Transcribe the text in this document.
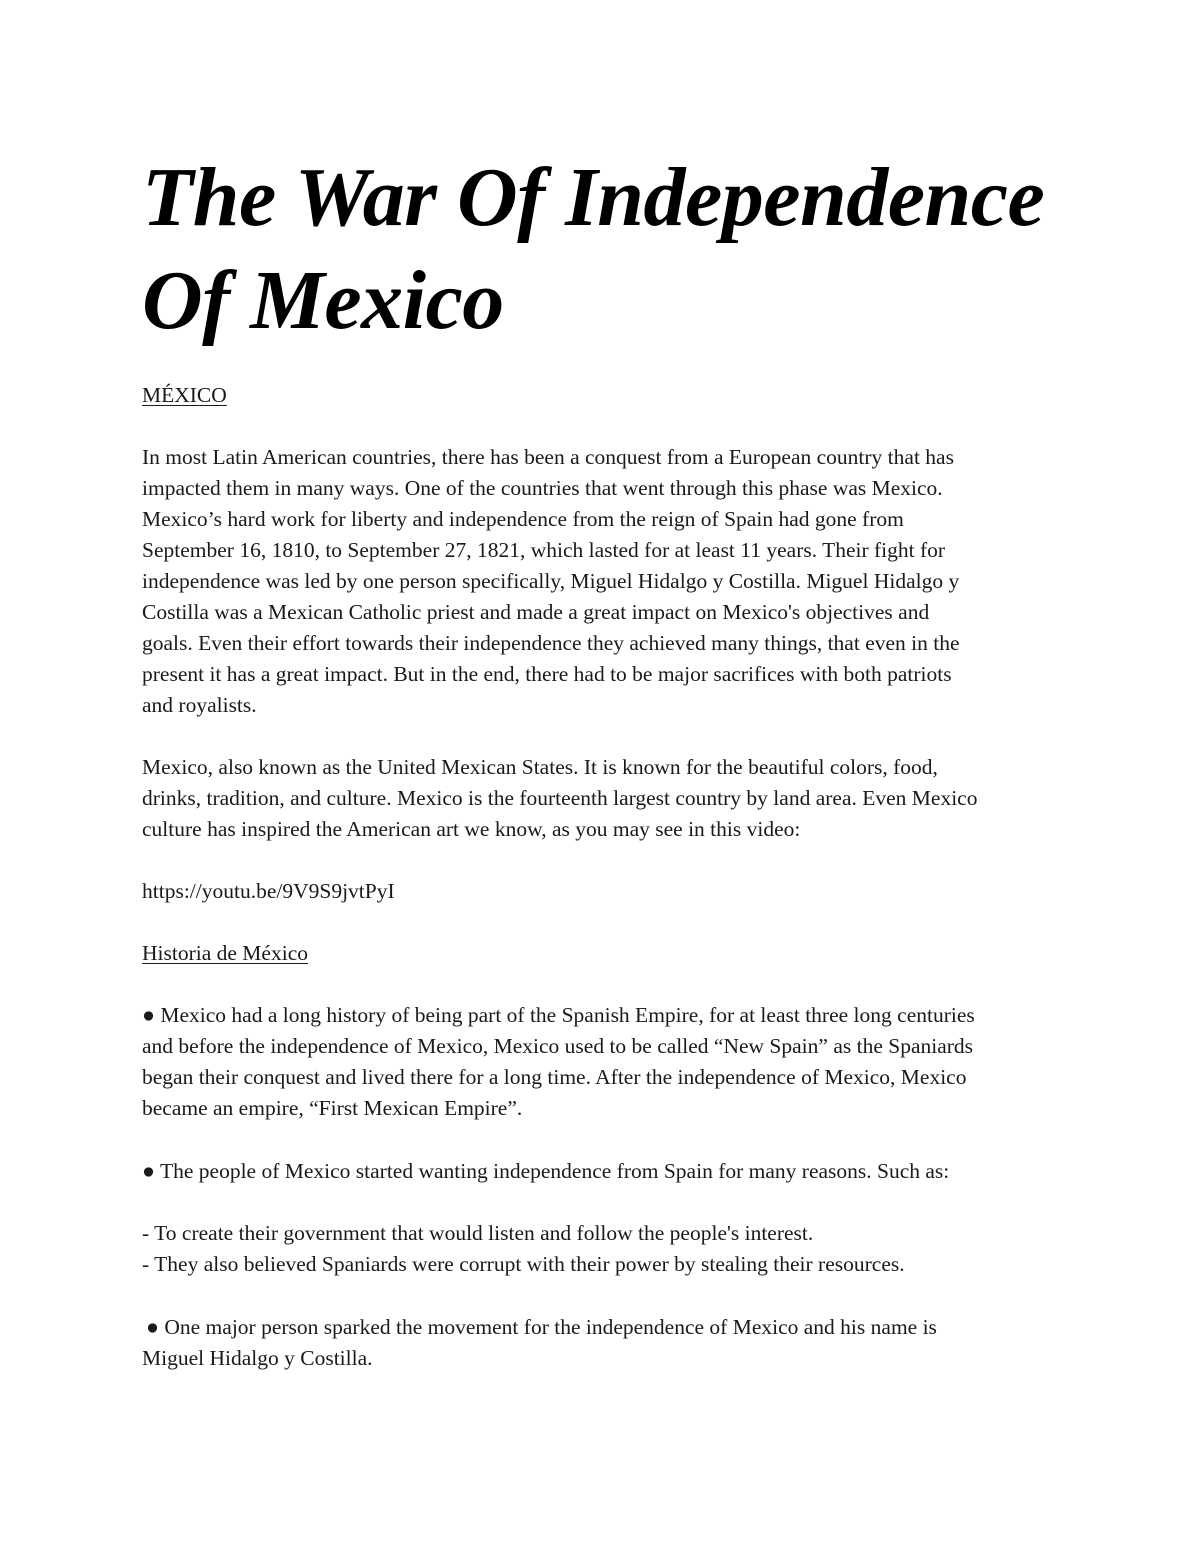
The War Of Independence
Of Mexico

MÉXICO

In most Latin American countries, there has been a conquest from a European country that has
impacted them in many ways. One of the countries that went through this phase was Mexico.
Mexico’s hard work for liberty and independence from the reign of Spain had gone from
September 16, 1810, to September 27, 1821, which lasted for at least 11 years. Their fight for
independence was led by one person specifically, Miguel Hidalgo y Costilla. Miguel Hidalgo y
Costilla was a Mexican Catholic priest and made a great impact on Mexico's objectives and
goals. Even their effort towards their independence they achieved many things, that even in the
present it has a great impact. But in the end, there had to be major sacrifices with both patriots
and royalists.

Mexico, also known as the United Mexican States. It is known for the beautiful colors, food,
drinks, tradition, and culture. Mexico is the fourteenth largest country by land area. Even Mexico
culture has inspired the American art we know, as you may see in this video:

https://youtu.be/9V9S9jvtPyI

Historia de México

● Mexico had a long history of being part of the Spanish Empire, for at least three long centuries
and before the independence of Mexico, Mexico used to be called “New Spain” as the Spaniards
began their conquest and lived there for a long time. After the independence of Mexico, Mexico
became an empire, “First Mexican Empire”.

● The people of Mexico started wanting independence from Spain for many reasons. Such as:

- To create their government that would listen and follow the people's interest.
- They also believed Spaniards were corrupt with their power by stealing their resources.

● One major person sparked the movement for the independence of Mexico and his name is
Miguel Hidalgo y Costilla.
